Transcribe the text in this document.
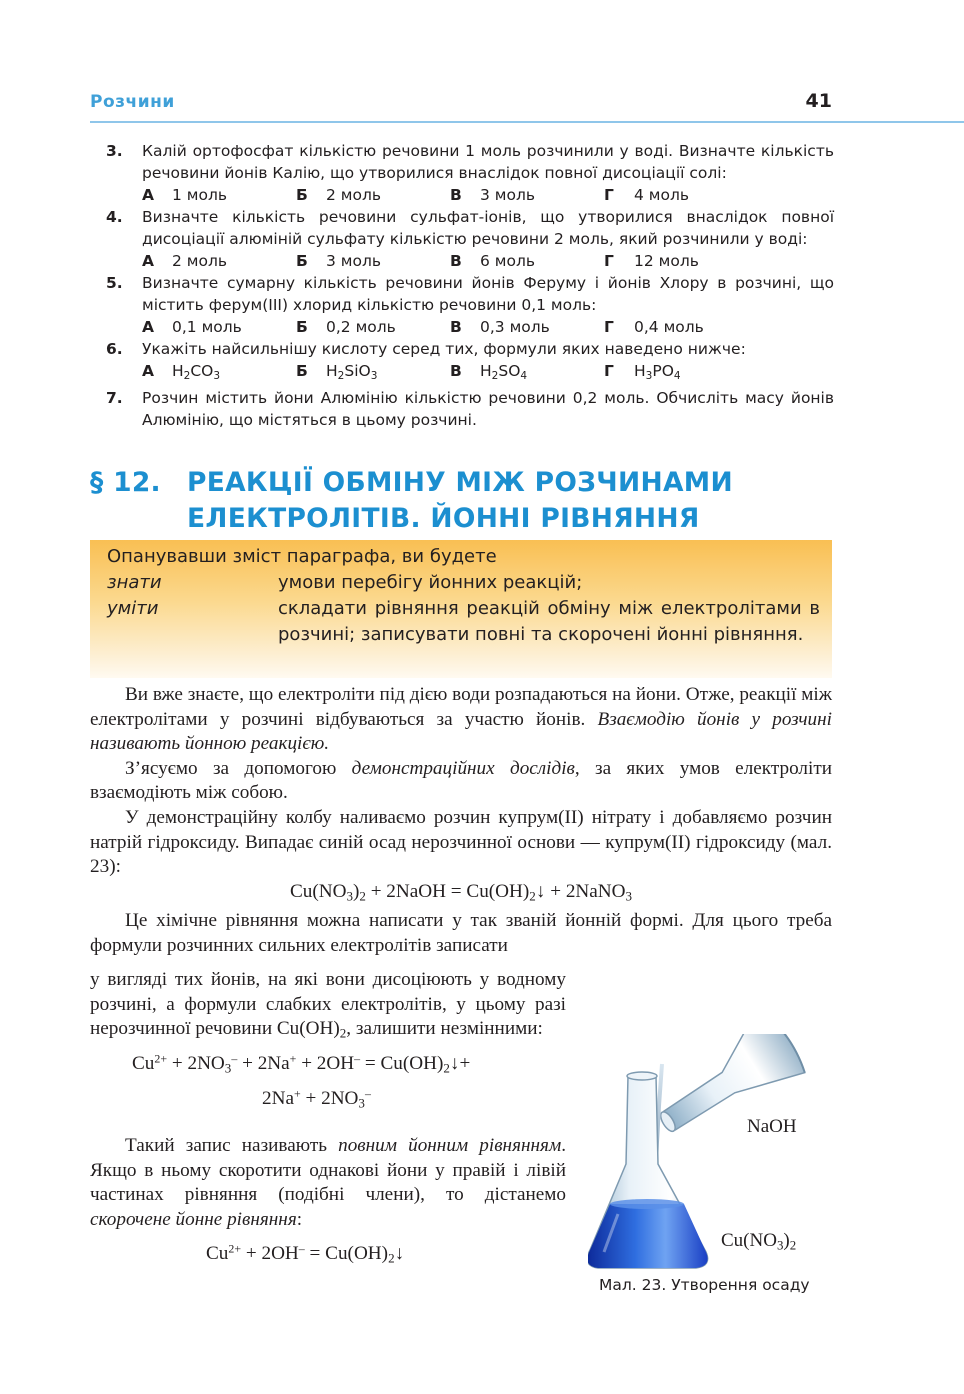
Розчини	41
3. Калій ортофосфат кількістю речовини 1 моль розчинили у воді. Визначте кількість речовини йонів Калію, що утворилися внаслідок повної дисоціації солі:
А 1 моль	Б 2 моль	В 3 моль	Г 4 моль
4. Визначте кількість речовини сульфат-іонів, що утворилися внаслідок повної дисоціації алюміній сульфату кількістю речовини 2 моль, який розчинили у воді:
А 2 моль	Б 3 моль	В 6 моль	Г 12 моль
5. Визначте сумарну кількість речовини йонів Феруму і йонів Хлору в розчині, що містить ферум(ІІІ) хлорид кількістю речовини 0,1 моль:
А 0,1 моль	Б 0,2 моль	В 0,3 моль	Г 0,4 моль
6. Укажіть найсильнішу кислоту серед тих, формули яких наведено нижче:
А $H_2CO_3$	Б $H_2SiO_3$	В $H_2SO_4$	Г $H_3PO_4$
7. Розчин містить йони Алюмінію кількістю речовини 0,2 моль. Обчисліть масу йонів Алюмінію, що містяться в цьому розчині.
§ 12. РЕАКЦІЇ ОБМІНУ МІЖ РОЗЧИНАМИ ЕЛЕКТРОЛІТІВ. ЙОННІ РІВНЯННЯ
Опанувавши зміст параграфа, ви будете
знати	умови перебігу йонних реакцій;
уміти	складати рівняння реакцій обміну між електролітами в розчині; записувати повні та скорочені йонні рівняння.

Ви вже знаєте, що електроліти під дією води розпадаються на йони. Отже, реакції між електролітами у розчині відбуваються за участю йонів. Взаємодію йонів у розчині називають йонною реакцією.

З’ясуємо за допомогою демонстраційних дослідів, за яких умов електроліти взаємодіють між собою.

У демонстраційну колбу наливаємо розчин купрум(ІІ) нітрату і добавляємо розчин натрій гідроксиду. Випадає синій осад нерозчинної основи — купрум(ІІ) гідроксиду (мал. 23):

$Cu(NO_3)_2$ + 2NaOH = $Cu(OH)_2↓$ + 2NaNO$_3$

Це хімічне рівняння можна написати у так званій йонній формі. Для цього треба формули розчинних сильних електролітів записати

у вигляді тих йонів, на які вони дисоціюють у водному розчині, а формули слабких електролітів, у цьому разі нерозчинної речовини $Cu(OH)_2$, залишити незмінними:

$Cu^{2+} + 2NO_3^- + 2Na^+ + 2OH^-$ = $Cu(OH)_2↓+$

$2Na^+ + 2NO_3^-$

Такий запис називають повним йонним рівнянням. Якщо в ньому скоротити однакові йони у правій і лівій частинах рівняння (подібні члени), то дістанемо скорочене йонне рівняння:

$Cu^{2+} + 2OH^-$ = $Cu(OH)_2↓$

NaOH
$Cu(NO_3)_2$
Мал. 23. Утворення осаду
